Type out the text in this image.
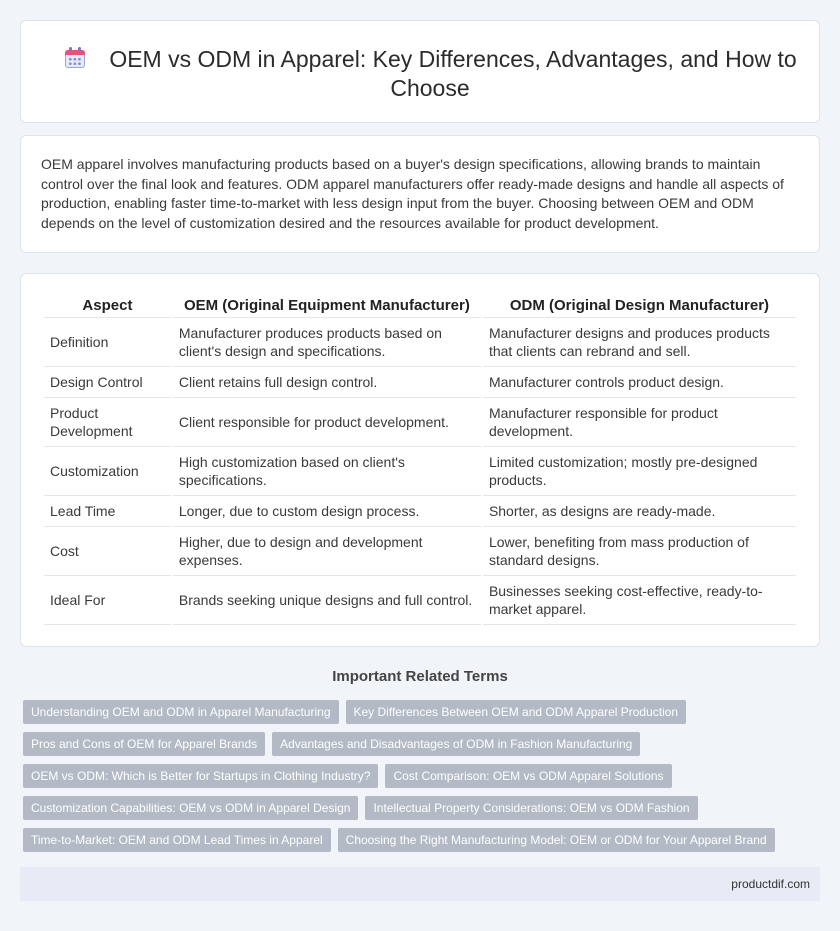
OEM vs ODM in Apparel: Key Differences, Advantages, and How to Choose

OEM apparel involves manufacturing products based on a buyer's design specifications, allowing brands to maintain control over the final look and features. ODM apparel manufacturers offer ready-made designs and handle all aspects of production, enabling faster time-to-market with less design input from the buyer. Choosing between OEM and ODM depends on the level of customization desired and the resources available for product development.

Aspect	OEM (Original Equipment Manufacturer)	ODM (Original Design Manufacturer)
Definition	Manufacturer produces products based on client's design and specifications.	Manufacturer designs and produces products that clients can rebrand and sell.
Design Control	Client retains full design control.	Manufacturer controls product design.
Product Development	Client responsible for product development.	Manufacturer responsible for product development.
Customization	High customization based on client's specifications.	Limited customization; mostly pre-designed products.
Lead Time	Longer, due to custom design process.	Shorter, as designs are ready-made.
Cost	Higher, due to design and development expenses.	Lower, benefiting from mass production of standard designs.
Ideal For	Brands seeking unique designs and full control.	Businesses seeking cost-effective, ready-to-market apparel.
Important Related Terms
Understanding OEM and ODM in Apparel Manufacturing	Key Differences Between OEM and ODM Apparel Production
Pros and Cons of OEM for Apparel Brands	Advantages and Disadvantages of ODM in Fashion Manufacturing
OEM vs ODM: Which is Better for Startups in Clothing Industry?	Cost Comparison: OEM vs ODM Apparel Solutions
Customization Capabilities: OEM vs ODM in Apparel Design	Intellectual Property Considerations: OEM vs ODM Fashion
Time-to-Market: OEM and ODM Lead Times in Apparel	Choosing the Right Manufacturing Model: OEM or ODM for Your Apparel Brand
productdif.com
